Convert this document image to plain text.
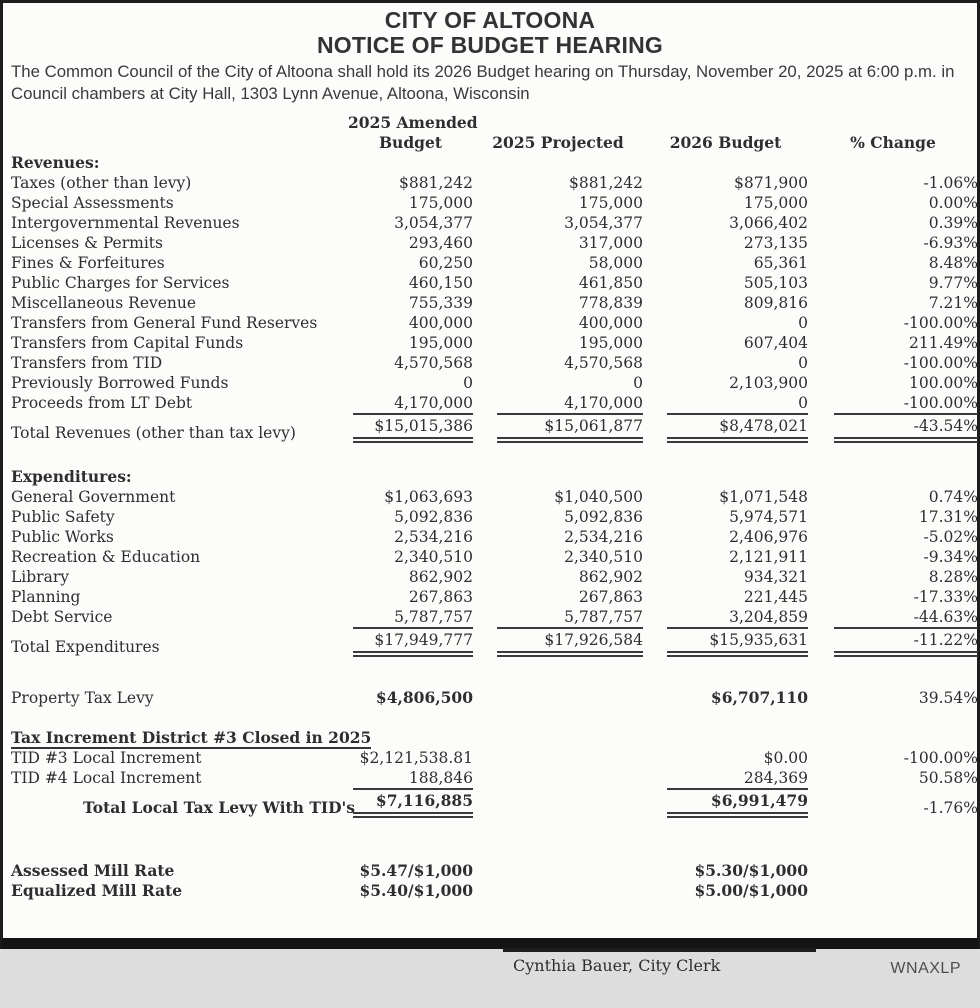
CITY OF ALTOONA
NOTICE OF BUDGET HEARING
The Common Council of the City of Altoona shall hold its 2026 Budget hearing on Thursday, November 20, 2025 at 6:00 p.m. in Council chambers at City Hall, 1303 Lynn Avenue, Altoona, Wisconsin
	2025 Amended			
	Budget	2025 Projected	2026 Budget	% Change
Revenues:				
Taxes (other than levy)	$881,242	$881,242	$871,900	-1.06%
Special Assessments	175,000	175,000	175,000	0.00%
Intergovernmental Revenues	3,054,377	3,054,377	3,066,402	0.39%
Licenses & Permits	293,460	317,000	273,135	-6.93%
Fines & Forfeitures	60,250	58,000	65,361	8.48%
Public Charges for Services	460,150	461,850	505,103	9.77%
Miscellaneous Revenue	755,339	778,839	809,816	7.21%
Transfers from General Fund Reserves	400,000	400,000	0	-100.00%
Transfers from Capital Funds	195,000	195,000	607,404	211.49%
Transfers from TID	4,570,568	4,570,568	0	-100.00%
Previously Borrowed Funds	0	0	2,103,900	100.00%
Proceeds from LT Debt	4,170,000	4,170,000	0	-100.00%
Total Revenues (other than tax levy)	$15,015,386	$15,061,877	$8,478,021	-43.54%

Expenditures:				
General Government	$1,063,693	$1,040,500	$1,071,548	0.74%
Public Safety	5,092,836	5,092,836	5,974,571	17.31%
Public Works	2,534,216	2,534,216	2,406,976	-5.02%
Recreation & Education	2,340,510	2,340,510	2,121,911	-9.34%
Library	862,902	862,902	934,321	8.28%
Planning	267,863	267,863	221,445	-17.33%
Debt Service	5,787,757	5,787,757	3,204,859	-44.63%
Total Expenditures	$17,949,777	$17,926,584	$15,935,631	-11.22%

Property Tax Levy	$4,806,500		$6,707,110	39.54%

Tax Increment District #3 Closed in 2025				
TID #3 Local Increment	$2,121,538.81		$0.00	-100.00%
TID #4 Local Increment	188,846		284,369	50.58%
Total Local Tax Levy With TID's	$7,116,885		$6,991,479	-1.76%

Assessed Mill Rate	$5.47/$1,000		$5.30/$1,000	
Equalized Mill Rate	$5.40/$1,000		$5.00/$1,000	
Cynthia Bauer, City Clerk	WNAXLP
